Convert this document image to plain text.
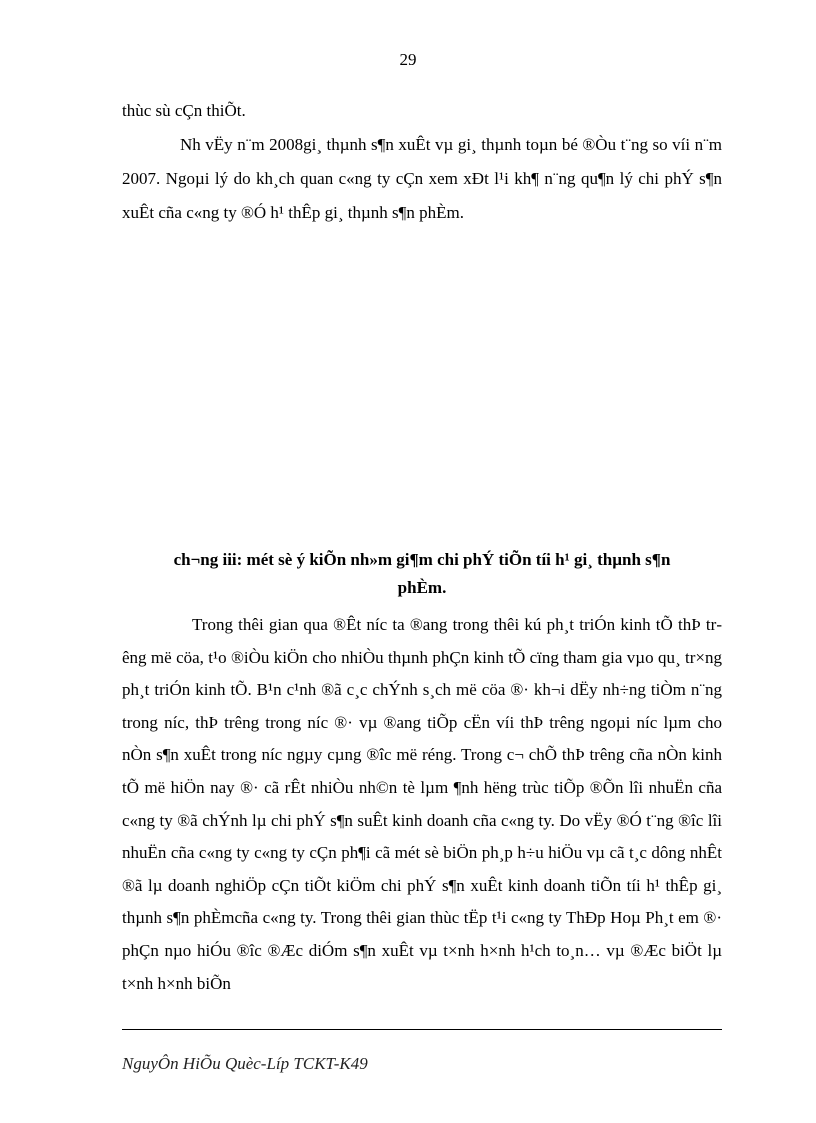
29

thùc sù cÇn thiÕt.

Nh vËy n¨m 2008gi¸ thµnh s¶n xuÊt vµ gi¸ thµnh toµn bé ®Òu t¨ng so víi n¨m 2007. Ngoµi lý do kh¸ch quan c«ng ty cÇn xem xÐt l¹i kh¶ n¨ng qu¶n lý chi phÝ s¶n xuÊt cña c«ng ty ®Ó h¹ thÊp gi¸ thµnh s¶n phÈm.

ch¬ng iii: mét sè ý kiÕn nh»m gi¶m chi phÝ tiÕn tíi h¹ gi¸ thµnh s¶n
phÈm.

Trong thêi gian qua ®Êt níc ta ®ang trong thêi kú ph¸t triÓn kinh tÕ thÞ trêng më cöa, t¹o ®iÒu kiÖn cho nhiÒu thµnh phÇn kinh tÕ cïng tham gia vµo qu¸ tr×ng ph¸t triÓn kinh tÕ. B¹n c¹nh ®ã c¸c chÝnh s¸ch më cöa ®· kh¬i dËy nh÷ng tiÒm n¨ng trong níc, thÞ trêng trong níc ®· vµ ®ang tiÕp cËn víi thÞ trêng ngoµi níc lµm cho nÒn s¶n xuÊt trong níc ngµy cµng ®îc më réng. Trong c¬ chÕ thÞ trêng cña nÒn kinh tÕ më hiÖn nay ®· cã rÊt nhiÒu nh©n tè lµm ¶nh hëng trùc tiÕp ®Õn lîi nhuËn cña c«ng ty ®ã chÝnh lµ chi phÝ s¶n suÊt kinh doanh cña c«ng ty. Do vËy ®Ó t¨ng ®îc lîi nhuËn cña c«ng ty c«ng ty cÇn ph¶i cã mét sè biÖn ph¸p h÷u hiÖu vµ cã t¸c dông nhÊt ®ã lµ doanh nghiÖp cÇn tiÕt kiÖm chi phÝ s¶n xuÊt kinh doanh tiÕn tíi h¹ thÊp gi¸ thµnh s¶n phÈmcña c«ng ty. Trong thêi gian thùc tËp t¹i c«ng ty ThÐp Hoµ Ph¸t em ®· phÇn nµo hiÓu ®îc ®Æc diÓm s¶n xuÊt vµ t×nh h×nh h¹ch to¸n… vµ ®Æc biÖt lµ t×nh h×nh biÕn

NguyÔn HiÕu Quèc-Líp TCKT-K49
